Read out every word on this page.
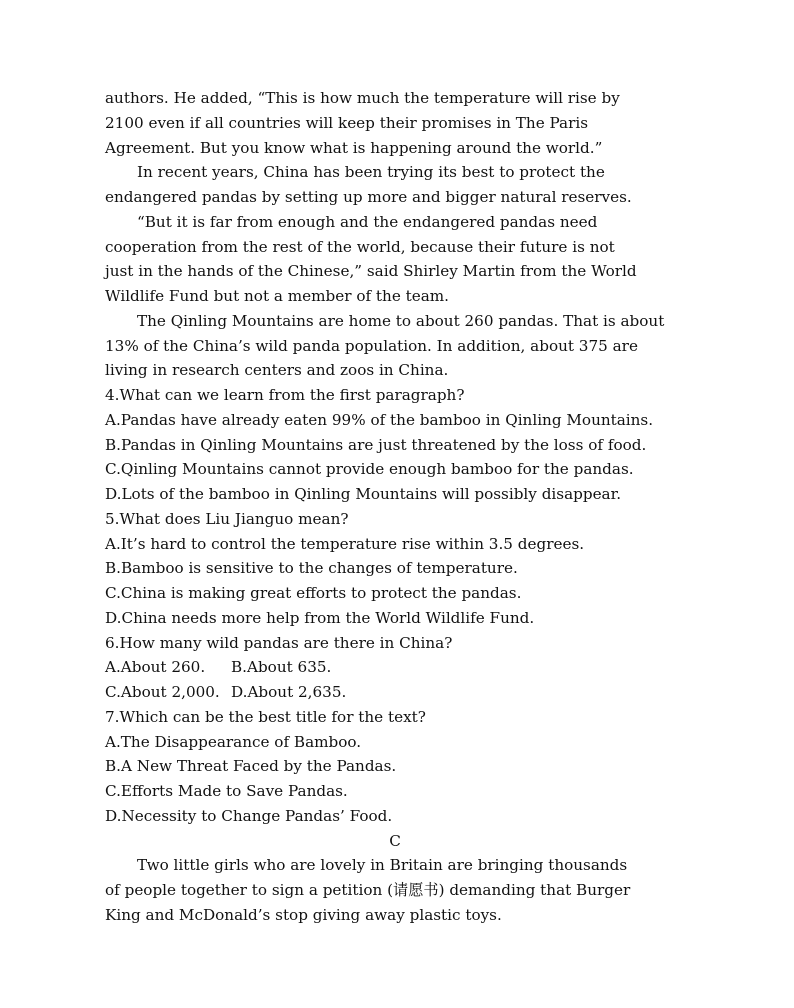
authors. He added, “This is how much the temperature will rise by
2100 even if all countries will keep their promises in The Paris
Agreement. But you know what is happening around the world.”
In recent years, China has been trying its best to protect the
endangered pandas by setting up more and bigger natural reserves.
“But it is far from enough and the endangered pandas need
cooperation from the rest of the world, because their future is not
just in the hands of the Chinese,” said Shirley Martin from the World
Wildlife Fund but not a member of the team.
The Qinling Mountains are home to about 260 pandas. That is about
13% of the China’s wild panda population. In addition, about 375 are
living in research centers and zoos in China.
4.What can we learn from the first paragraph?
A.Pandas have already eaten 99% of the bamboo in Qinling Mountains.
B.Pandas in Qinling Mountains are just threatened by the loss of food.
C.Qinling Mountains cannot provide enough bamboo for the pandas.
D.Lots of the bamboo in Qinling Mountains will possibly disappear.
5.What does Liu Jianguo mean?
A.It’s hard to control the temperature rise within 3.5 degrees.
B.Bamboo is sensitive to the changes of temperature.
C.China is making great efforts to protect the pandas.
D.China needs more help from the World Wildlife Fund.
6.How many wild pandas are there in China?
A.About 260.	B.About 635.
C.About 2,000. D.About 2,635.
7.Which can be the best title for the text?
A.The Disappearance of Bamboo.
B.A New Threat Faced by the Pandas.
C.Efforts Made to Save Pandas.
D.Necessity to Change Pandas’ Food.
C
Two little girls who are lovely in Britain are bringing thousands
of people together to sign a petition (请愿书) demanding that Burger
King and McDonald’s stop giving away plastic toys.
